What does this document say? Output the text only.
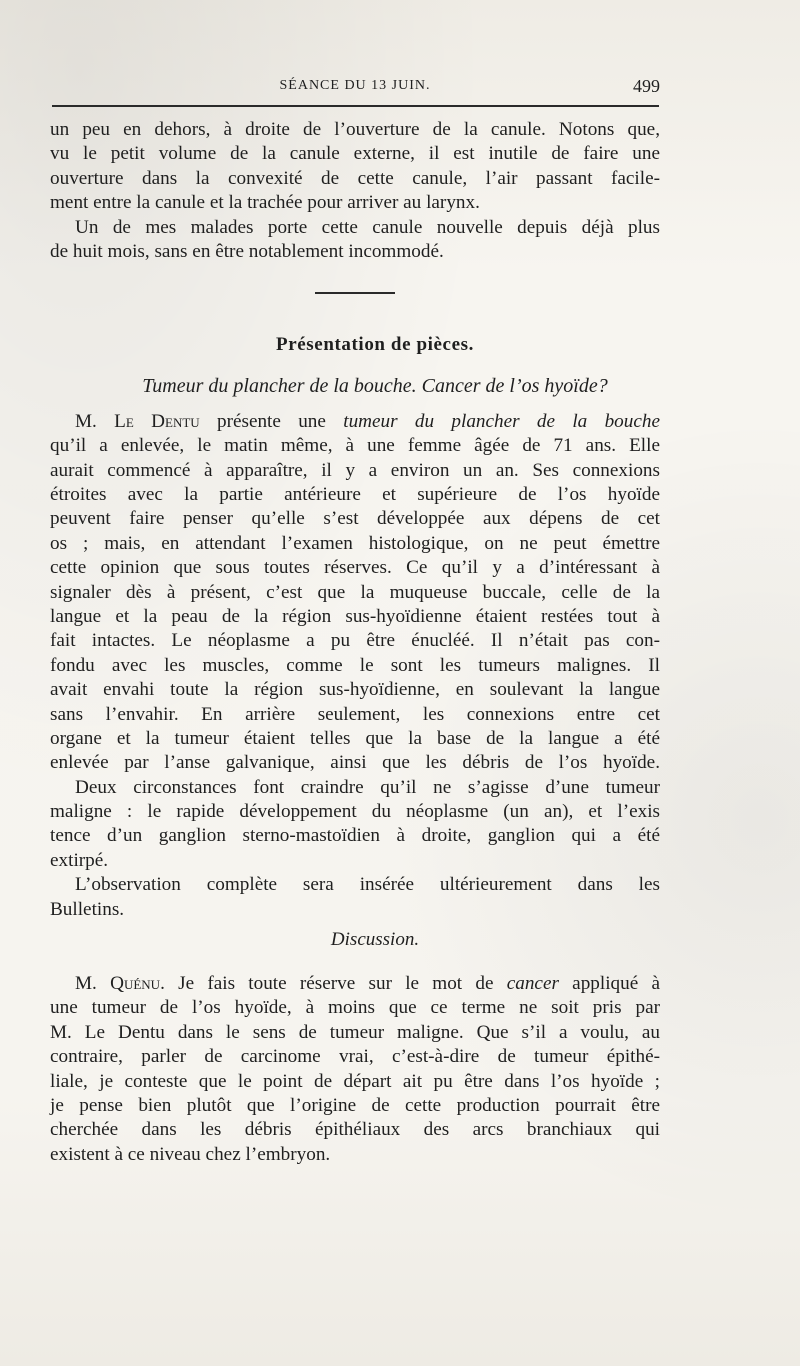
SÉANCE DU 13 JUIN.	499
un peu en dehors, à droite de l’ouverture de la canule. Notons que,
vu le petit volume de la canule externe, il est inutile de faire une
ouverture dans la convexité de cette canule, l’air passant facile-
ment entre la canule et la trachée pour arriver au larynx.
Un de mes malades porte cette canule nouvelle depuis déjà plus
de huit mois, sans en être notablement incommodé.
Présentation de pièces.
Tumeur du plancher de la bouche. Cancer de l’os hyoïde?
M. Le Dentu présente une tumeur du plancher de la bouche
qu’il a enlevée, le matin même, à une femme âgée de 71 ans. Elle
aurait commencé à apparaître, il y a environ un an. Ses connexions
étroites avec la partie antérieure et supérieure de l’os hyoïde
peuvent faire penser qu’elle s’est développée aux dépens de cet
os ; mais, en attendant l’examen histologique, on ne peut émettre
cette opinion que sous toutes réserves. Ce qu’il y a d’intéressant à
signaler dès à présent, c’est que la muqueuse buccale, celle de la
langue et la peau de la région sus-hyoïdienne étaient restées tout à
fait intactes. Le néoplasme a pu être énucléé. Il n’était pas con-
fondu avec les muscles, comme le sont les tumeurs malignes. Il
avait envahi toute la région sus-hyoïdienne, en soulevant la langue
sans l’envahir. En arrière seulement, les connexions entre cet
organe et la tumeur étaient telles que la base de la langue a été
enlevée par l’anse galvanique, ainsi que les débris de l’os hyoïde.
Deux circonstances font craindre qu’il ne s’agisse d’une tumeur
maligne : le rapide développement du néoplasme (un an), et l’exis
tence d’un ganglion sterno-mastoïdien à droite, ganglion qui a été
extirpé.
L’observation complète sera insérée ultérieurement dans les
Bulletins.
Discussion.
M. Quénu. Je fais toute réserve sur le mot de cancer appliqué à
une tumeur de l’os hyoïde, à moins que ce terme ne soit pris par
M. Le Dentu dans le sens de tumeur maligne. Que s’il a voulu, au
contraire, parler de carcinome vrai, c’est-à-dire de tumeur épithé-
liale, je conteste que le point de départ ait pu être dans l’os hyoïde ;
je pense bien plutôt que l’origine de cette production pourrait être
cherchée dans les débris épithéliaux des arcs branchiaux qui
existent à ce niveau chez l’embryon.
